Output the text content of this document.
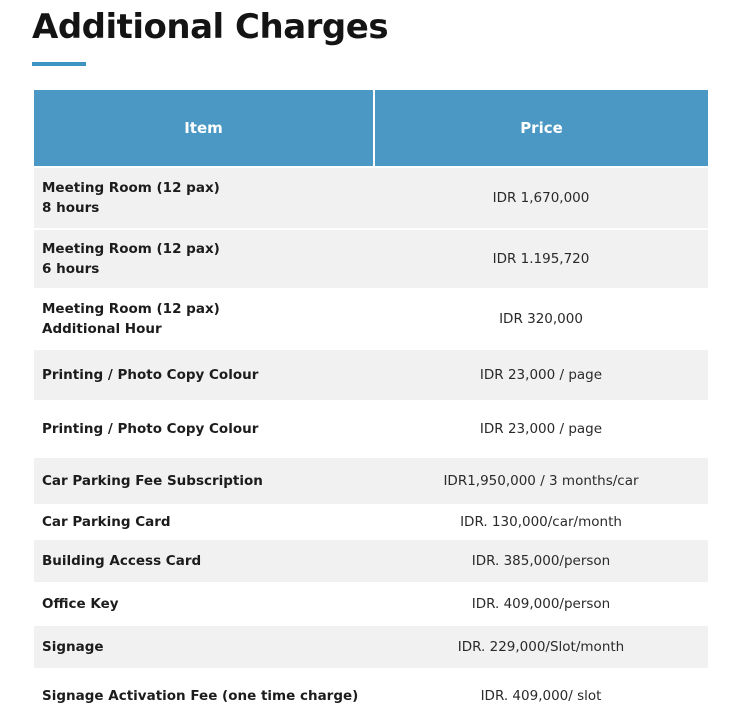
Additional Charges
Item	Price

Meeting Room (12 pax)
8 hours	IDR 1,670,000

Meeting Room (12 pax)
6 hours	IDR 1.195,720

Meeting Room (12 pax)
Additional Hour	IDR 320,000
Printing / Photo Copy Colour	IDR 23,000 / page
Printing / Photo Copy Colour	IDR 23,000 / page
Car Parking Fee Subscription	IDR1,950,000 / 3 months/car
Car Parking Card	IDR. 130,000/car/month
Building Access Card	IDR. 385,000/person
Office Key	IDR. 409,000/person
Signage	IDR. 229,000/Slot/month
Signage Activation Fee (one time charge)	IDR. 409,000/ slot
